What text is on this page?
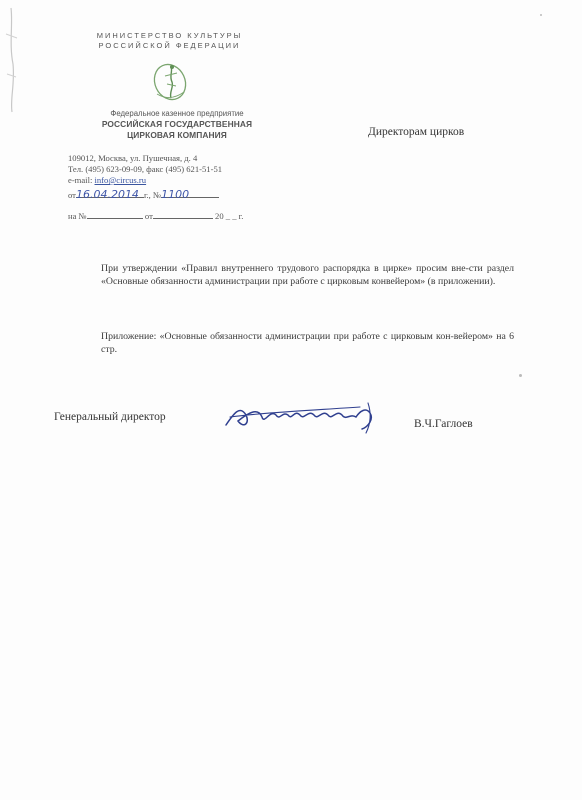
МИНИСТЕРСТВО КУЛЬТУРЫ
РОССИЙСКОЙ ФЕДЕРАЦИИ
Федеральное казенное предприятие
РОССИЙСКАЯ ГОСУДАРСТВЕННАЯ
ЦИРКОВАЯ КОМПАНИЯ
109012, Москва, ул. Пушечная, д. 4
Тел. (495) 623-09-09, факс (495) 621-51-51
e-mail: info@circus.ru
от16.04.2014 г., №1100
на №	от	20 _ _ г.
Директорам цирков
При утверждении «Правил внутреннего трудового распорядка в цирке» просим вне-сти раздел «Основные обязанности администрации при работе с цирковым конвейером» (в приложении).
Приложение: «Основные обязанности администрации при работе с цирковым кон-вейером» на 6 стр.
Генеральный директор
В.Ч.Гаглоев
